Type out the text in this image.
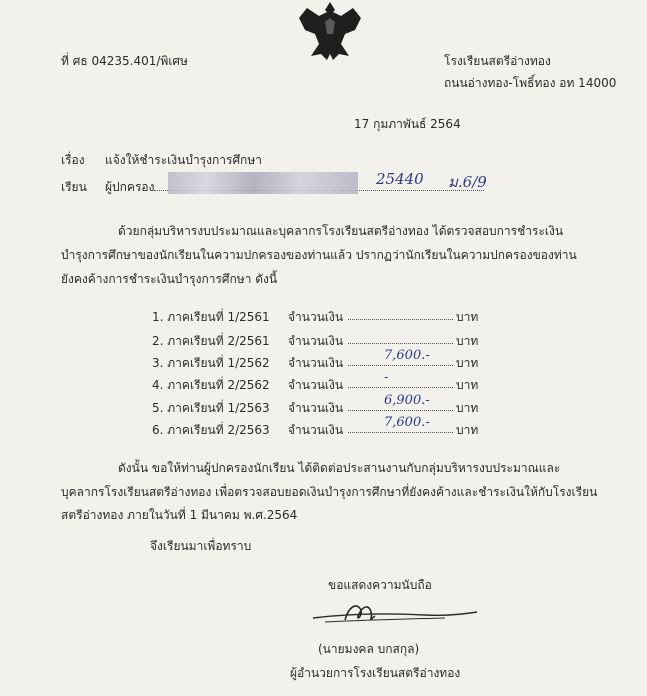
ที่ ศธ 04235.401/พิเศษ	โรงเรียนสตรีอ่างทอง
ถนนอ่างทอง-โพธิ์ทอง อท 14000
17 กุมภาพันธ์ 2564
เรื่อง แจ้งให้ชำระเงินบำรุงการศึกษา
เรียน ผู้ปกครอง	25440 ม.6/9
ด้วยกลุ่มบริหารงบประมาณและบุคลากรโรงเรียนสตรีอ่างทอง ได้ตรวจสอบการชำระเงิน
บำรุงการศึกษาของนักเรียนในความปกครองของท่านแล้ว ปรากฏว่านักเรียนในความปกครองของท่าน
ยังคงค้างการชำระเงินบำรุงการศึกษา ดังนี้
1. ภาคเรียนที่ 1/2561 จำนวนเงิน	บาท
2. ภาคเรียนที่ 2/2561 จำนวนเงิน	บาท
3. ภาคเรียนที่ 1/2562 จำนวนเงิน	7,600.- บาท
4. ภาคเรียนที่ 2/2562 จำนวนเงิน	-	บาท
5. ภาคเรียนที่ 1/2563 จำนวนเงิน	6,900.- บาท
6. ภาคเรียนที่ 2/2563 จำนวนเงิน	7,600.- บาท
ดังนั้น ขอให้ท่านผู้ปกครองนักเรียน ได้ติดต่อประสานงานกับกลุ่มบริหารงบประมาณและ
บุคลากรโรงเรียนสตรีอ่างทอง เพื่อตรวจสอบยอดเงินบำรุงการศึกษาที่ยังคงค้างและชำระเงินให้กับโรงเรียน
สตรีอ่างทอง ภายในวันที่ 1 มีนาคม พ.ศ.2564
จึงเรียนมาเพื่อทราบ
ขอแสดงความนับถือ
(นายมงคล บกสกุล)
ผู้อำนวยการโรงเรียนสตรีอ่างทอง
